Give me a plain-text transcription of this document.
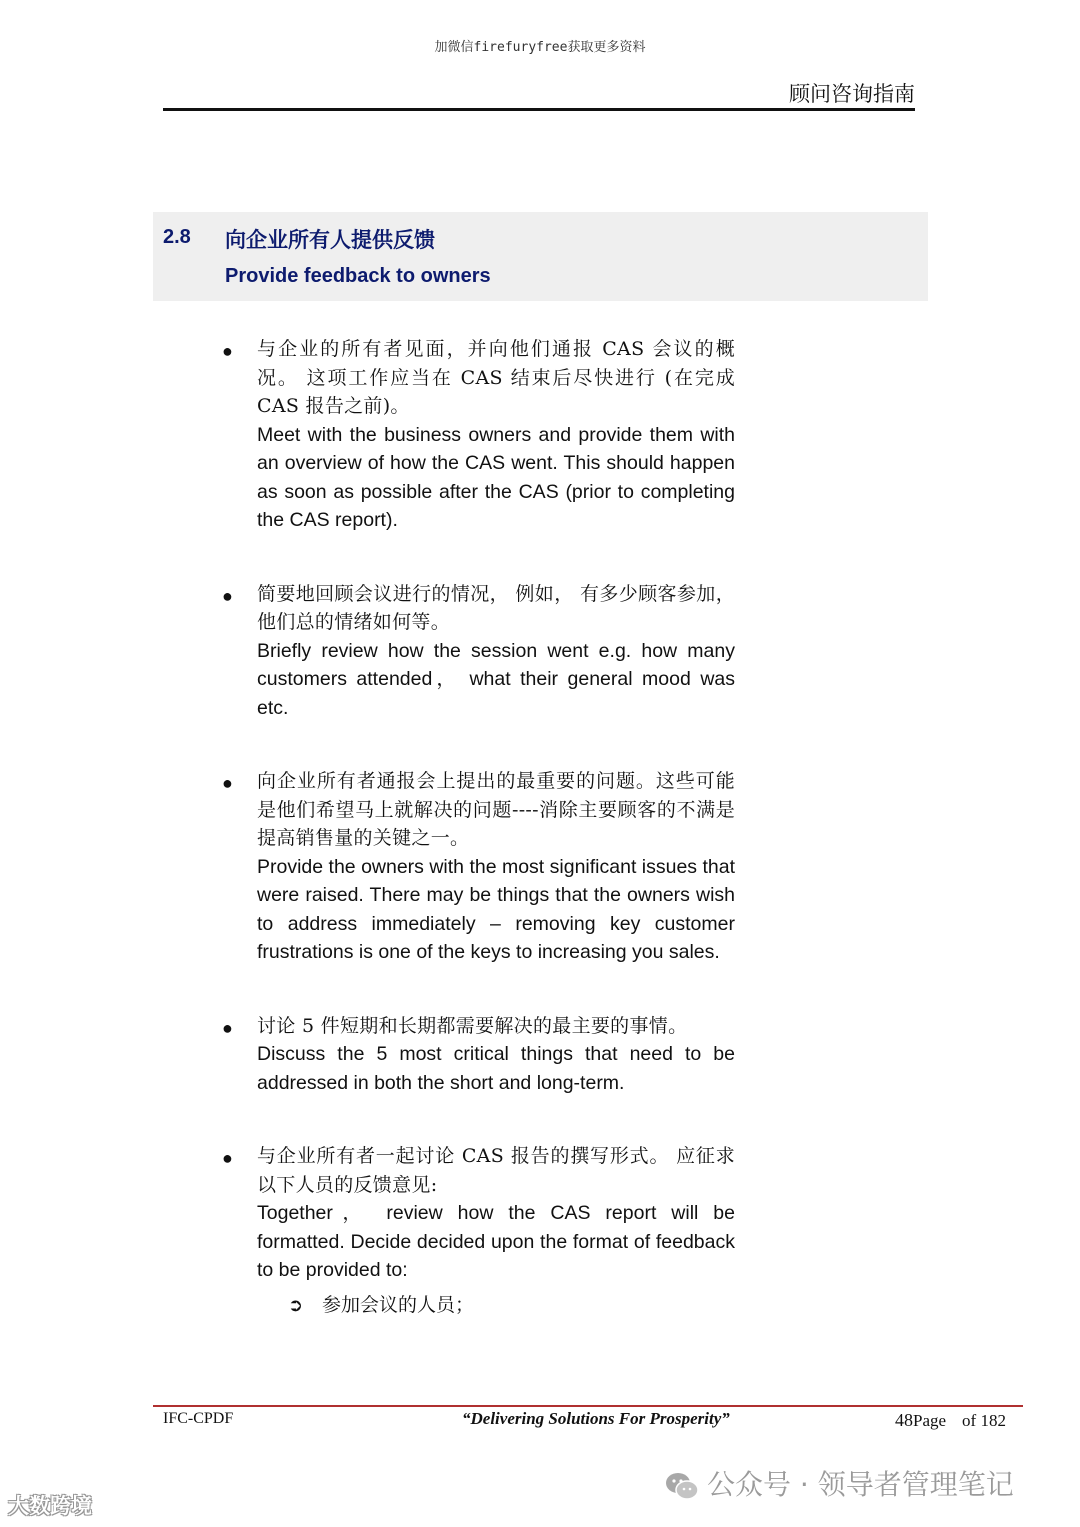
加微信firefuryfree获取更多资料
顾问咨询指南
2.8 向企业所有人提供反馈
Provide feedback to owners
● 与企业的所有者见面，并向他们通报 CAS 会议的概况。 这项工作应当在 CAS 结束后尽快进行 (在完成 CAS 报告之前)。
Meet with the business owners and provide them with an overview of how the CAS went. This should happen as soon as possible after the CAS (prior to completing the CAS report).
● 简要地回顾会议进行的情况， 例如， 有多少顾客参加， 他们总的情绪如何等。
Briefly review how the session went e.g. how many customers attended， what their general mood was etc.
● 向企业所有者通报会上提出的最重要的问题。这些可能是他们希望马上就解决的问题----消除主要顾客的不满是提高销售量的关键之一。
Provide the owners with the most significant issues that were raised. There may be things that the owners wish to address immediately – removing key customer frustrations is one of the keys to increasing you sales.
● 讨论 5 件短期和长期都需要解决的最主要的事情。
Discuss the 5 most critical things that need to be addressed in both the short and long-term.
● 与企业所有者一起讨论 CAS 报告的撰写形式。 应征求以下人员的反馈意见:
Together， review how the CAS report will be formatted. Decide decided upon the format of feedback to be provided to:
➲ 参加会议的人员；
IFC-CPDF	“Delivering Solutions For Prosperity”	48Page of 182
公众号 · 领导者管理笔记
大数跨境
